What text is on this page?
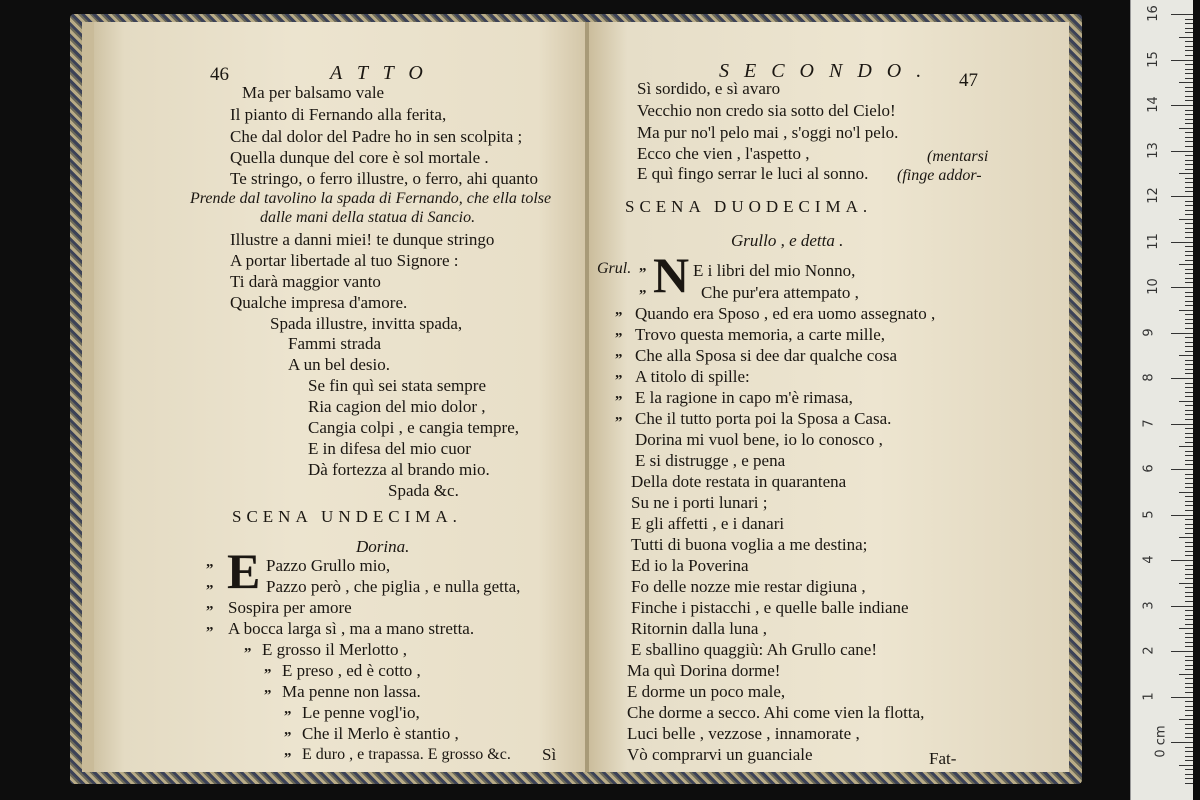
46	A T T O
Ma per balsamo vale
Il pianto di Fernando alla ferita,
Che dal dolor del Padre ho in sen scolpita ;
Quella dunque del core è sol mortale .
Te stringo, o ferro illustre, o ferro, ahi quanto
Prende dal tavolino la spada di Fernando, che ella tolse
dalle mani della statua di Sancio.
Illustre a danni miei! te dunque stringo
A portar libertade al tuo Signore :
Ti darà maggior vanto
Qualche impresa d'amore.
Spada illustre, invitta spada,
Fammi strada
A un bel desio.
Se fin quì sei stata sempre
Ria cagion del mio dolor ,
Cangia colpi , e cangia tempre,
E in difesa del mio cuor
Dà fortezza al brando mio.
Spada &c.
SCENA UNDECIMA.
Dorina.
E
„	Pazzo Grullo mio,
„	Pazzo però , che piglia , e nulla getta,
„ Sospira per amore
„ A bocca larga sì , ma a mano stretta.
„ E grosso il Merlotto ,
„ E preso , ed è cotto ,
„ Ma penne non lassa.
„ Le penne vogl'io,
„ Che il Merlo è stantio ,
„ E duro , e trapassa. E grosso &c. Sì
S E C O N D O . 47
Sì sordido, e sì avaro
Vecchio non credo sia sotto del Cielo!
Ma pur no'l pelo mai , s'oggi no'l pelo.
Ecco che vien , l'aspetto ,	(mentarsi
E quì fingo serrar le luci al sonno. (finge addor-
SCENA DUODECIMA.
Grullo , e detta .
Grul. „ N E i libri del mio Nonno,
„	Che pur'era attempato ,
„ Quando era Sposo , ed era uomo assegnato ,
„ Trovo questa memoria, a carte mille,
„ Che alla Sposa si dee dar qualche cosa
„ A titolo di spille:
„ E la ragione in capo m'è rimasa,
„ Che il tutto porta poi la Sposa a Casa.
Dorina mi vuol bene, io lo conosco ,
E si distrugge , e pena
Della dote restata in quarantena
Su ne i porti lunari ;
E gli affetti , e i danari
Tutti di buona voglia a me destina;
Ed io la Poverina
Fo delle nozze mie restar digiuna ,
Finche i pistacchi , e quelle balle indiane
Ritornin dalla luna ,
E sballino quaggiù: Ah Grullo cane!
Ma quì Dorina dorme!
E dorme un poco male,
Che dorme a secco. Ahi come vien la flotta,
Luci belle , vezzose , innamorate ,
Vò comprarvi un guanciale	Fat-
16
15
14
13
12
11
10
9
8
7
6
5
4
3
2
1
0 cm
